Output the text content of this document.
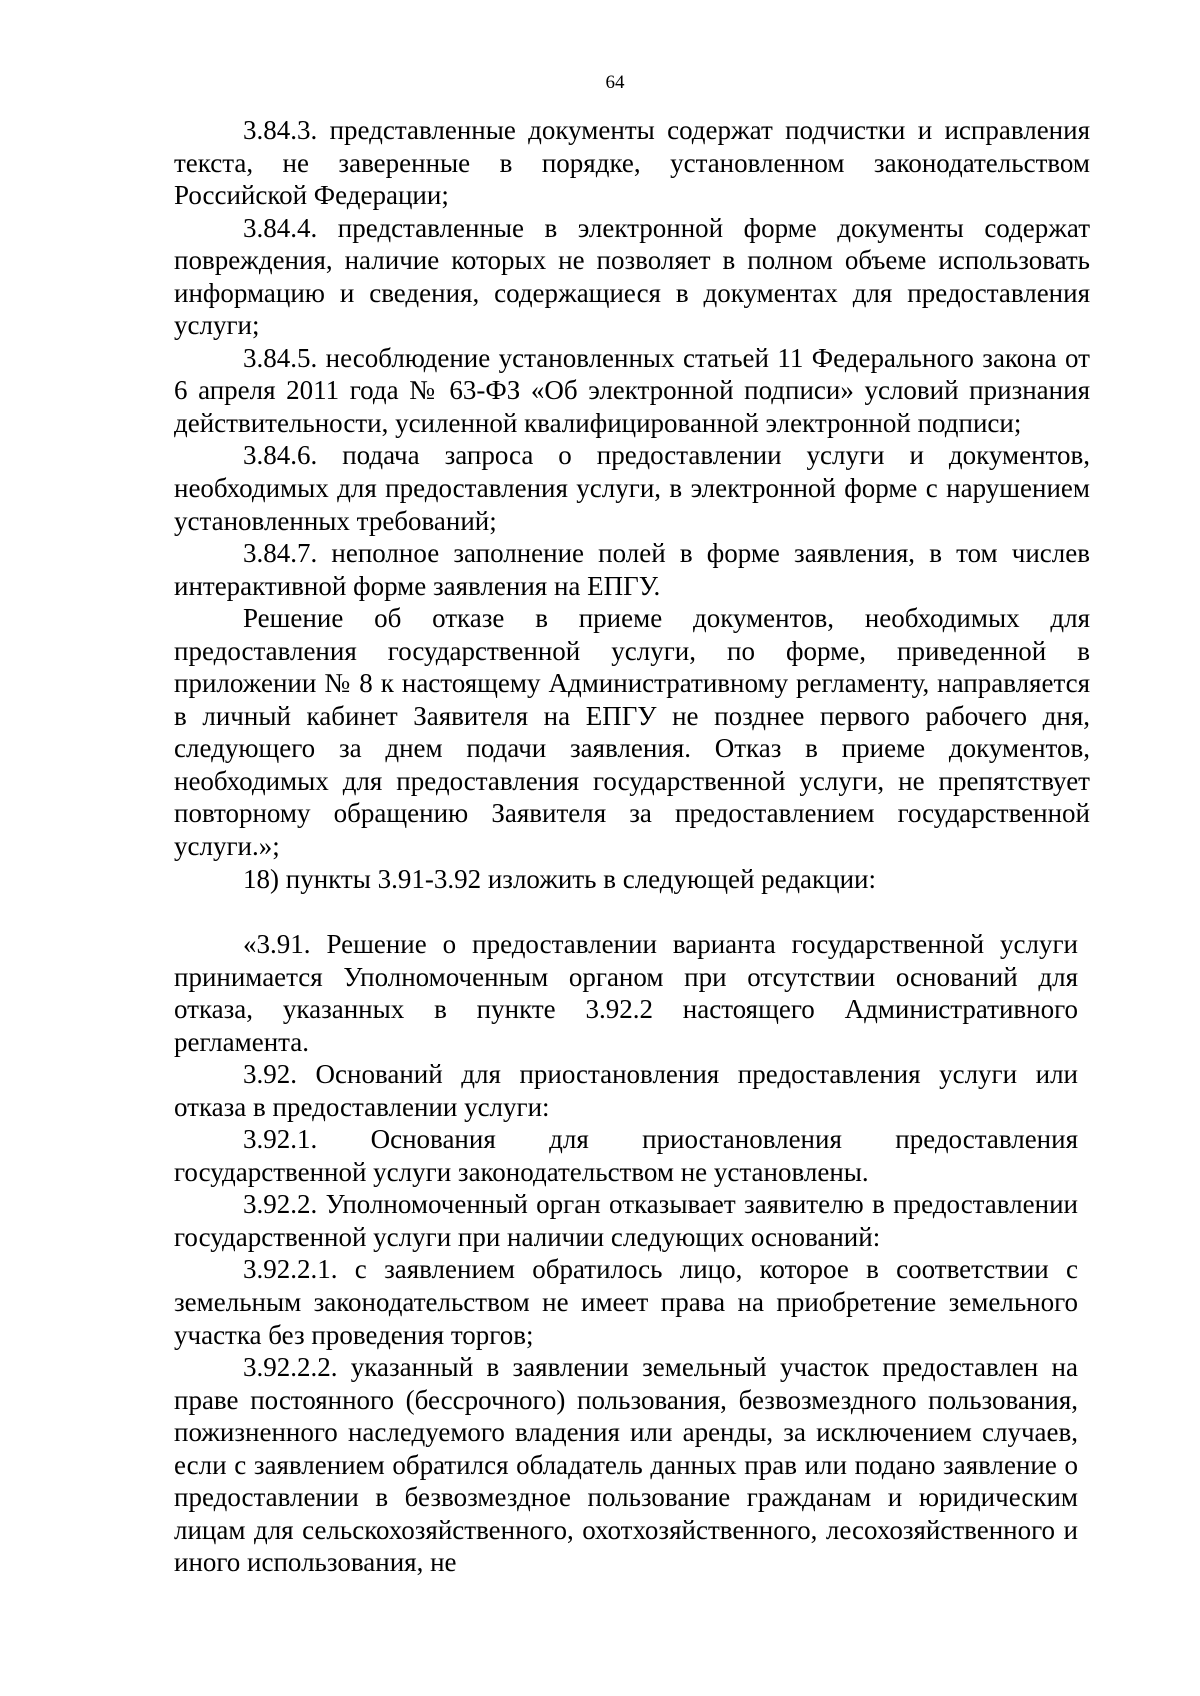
64

3.84.3. представленные документы содержат подчистки и исправления текста, не заверенные в порядке, установленном законодательством Российской Федерации;

3.84.4. представленные в электронной форме документы содержат повреждения, наличие которых не позволяет в полном объеме использовать информацию и сведения, содержащиеся в документах для предоставления услуги;

3.84.5. несоблюдение установленных статьей 11 Федерального закона от 6 апреля 2011 года № 63-ФЗ «Об электронной подписи» условий признания действительности, усиленной квалифицированной электронной подписи;

3.84.6. подача запроса о предоставлении услуги и документов, необходимых для предоставления услуги, в электронной форме с нарушением установленных требований;

3.84.7. неполное заполнение полей в форме заявления, в том числев интерактивной форме заявления на ЕПГУ.

Решение об отказе в приеме документов, необходимых для предоставления государственной услуги, по форме, приведенной в приложении № 8 к настоящему Административному регламенту, направляется в личный кабинет Заявителя на ЕПГУ не позднее первого рабочего дня, следующего за днем подачи заявления. Отказ в приеме документов, необходимых для предоставления государственной услуги, не препятствует повторному обращению Заявителя за предоставлением государственной услуги.»;

18) пункты 3.91-3.92 изложить в следующей редакции:

«3.91. Решение о предоставлении варианта государственной услуги принимается Уполномоченным органом при отсутствии оснований для отказа, указанных в пункте 3.92.2 настоящего Административного регламента.

3.92. Оснований для приостановления предоставления услуги или отказа в предоставлении услуги:

3.92.1. Основания для приостановления предоставления государственной услуги законодательством не установлены.

3.92.2. Уполномоченный орган отказывает заявителю в предоставлении государственной услуги при наличии следующих оснований:

3.92.2.1. с заявлением обратилось лицо, которое в соответствии с земельным законодательством не имеет права на приобретение земельного участка без проведения торгов;

3.92.2.2. указанный в заявлении земельный участок предоставлен на праве постоянного (бессрочного) пользования, безвозмездного пользования, пожизненного наследуемого владения или аренды, за исключением случаев, если с заявлением обратился обладатель данных прав или подано заявление о предоставлении в безвозмездное пользование гражданам и юридическим лицам для сельскохозяйственного, охотхозяйственного, лесохозяйственного и иного использования, не
